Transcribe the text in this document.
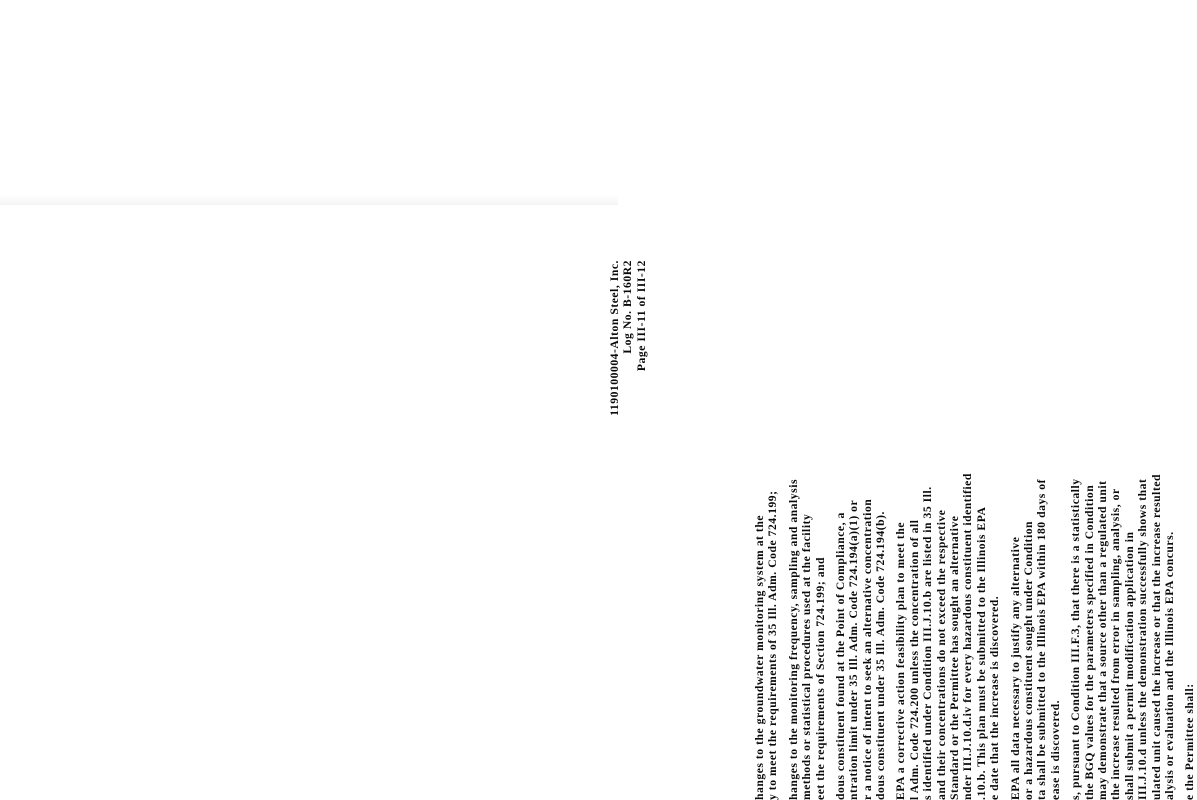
1190100004-Alton Steel, Inc. Log No. B-160R2 Page III-11 of III-12
hanges to the groundwater monitoring system at the y to meet the requirements of 35 Ill. Adm. Code 724.199; hanges to the monitoring frequency, sampling and analysis methods or statistical procedures used at the facility eet the requirements of Section 724.199; and dous constituent found at the Point of Compliance, a ntration limit under 35 Ill. Adm. Code 724.194(a)(1) or r a notice of intent to seek an alternative concentration dous constituent under 35 Ill. Adm. Code 724.194(b). EPA a corrective action feasibility plan to meet the l Adm. Code 724.200 unless the concentration of all s identified under Condition III.J.10.b are listed in 35 Ill. and their concentrations do not exceed the respective Standard or the Permittee has sought an alternative nder III.J.10.d.iv for every hazardous constituent identified .10.b. This plan must be submitted to the Illinois EPA e date that the increase is discovered. EPA all data necessary to justify any alternative or a hazardous constituent sought under Condition ta shall be submitted to the Illinois EPA within 180 days of ease is discovered. s, pursuant to Condition III.F.3, that there is a statistically the BGQ values for the parameters specified in Condition may demonstrate that a source other than a regulated unit the increase resulted from error in sampling, analysis, or shall submit a permit modification application in III.J.10.d unless the demonstration successfully shows that ulated unit caused the increase or that the increase resulted alysis or evaluation and the Illinois EPA concurs. e the Permittee shall:
